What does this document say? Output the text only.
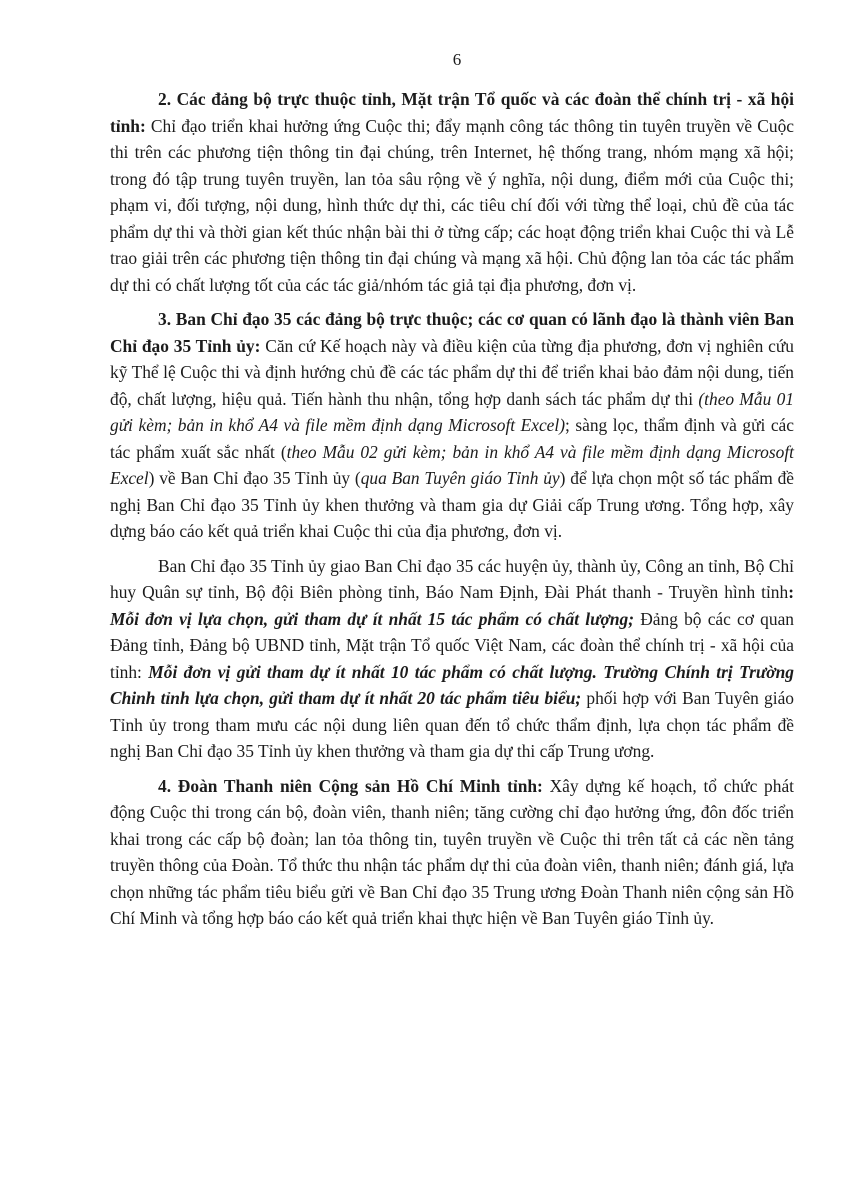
6

2. Các đảng bộ trực thuộc tỉnh, Mặt trận Tổ quốc và các đoàn thể chính trị - xã hội tỉnh: Chỉ đạo triển khai hưởng ứng Cuộc thi; đẩy mạnh công tác thông tin tuyên truyền về Cuộc thi trên các phương tiện thông tin đại chúng, trên Internet, hệ thống trang, nhóm mạng xã hội; trong đó tập trung tuyên truyền, lan tỏa sâu rộng về ý nghĩa, nội dung, điểm mới của Cuộc thi; phạm vi, đối tượng, nội dung, hình thức dự thi, các tiêu chí đối với từng thể loại, chủ đề của tác phẩm dự thi và thời gian kết thúc nhận bài thi ở từng cấp; các hoạt động triển khai Cuộc thi và Lễ trao giải trên các phương tiện thông tin đại chúng và mạng xã hội. Chủ động lan tỏa các tác phẩm dự thi có chất lượng tốt của các tác giả/nhóm tác giả tại địa phương, đơn vị.

3. Ban Chỉ đạo 35 các đảng bộ trực thuộc; các cơ quan có lãnh đạo là thành viên Ban Chỉ đạo 35 Tỉnh ủy: Căn cứ Kế hoạch này và điều kiện của từng địa phương, đơn vị nghiên cứu kỹ Thể lệ Cuộc thi và định hướng chủ đề các tác phẩm dự thi để triển khai bảo đảm nội dung, tiến độ, chất lượng, hiệu quả. Tiến hành thu nhận, tổng hợp danh sách tác phẩm dự thi (theo Mẫu 01 gửi kèm; bản in khổ A4 và file mềm định dạng Microsoft Excel); sàng lọc, thẩm định và gửi các tác phẩm xuất sắc nhất (theo Mẫu 02 gửi kèm; bản in khổ A4 và file mềm định dạng Microsoft Excel) về Ban Chỉ đạo 35 Tỉnh ủy (qua Ban Tuyên giáo Tỉnh ủy) để lựa chọn một số tác phẩm đề nghị Ban Chỉ đạo 35 Tỉnh ủy khen thưởng và tham gia dự Giải cấp Trung ương. Tổng hợp, xây dựng báo cáo kết quả triển khai Cuộc thi của địa phương, đơn vị.

Ban Chỉ đạo 35 Tỉnh ủy giao Ban Chỉ đạo 35 các huyện ủy, thành ủy, Công an tỉnh, Bộ Chỉ huy Quân sự tỉnh, Bộ đội Biên phòng tỉnh, Báo Nam Định, Đài Phát thanh - Truyền hình tỉnh: Mỗi đơn vị lựa chọn, gửi tham dự ít nhất 15 tác phẩm có chất lượng; Đảng bộ các cơ quan Đảng tỉnh, Đảng bộ UBND tỉnh, Mặt trận Tổ quốc Việt Nam, các đoàn thể chính trị - xã hội của tỉnh: Mỗi đơn vị gửi tham dự ít nhất 10 tác phẩm có chất lượng. Trường Chính trị Trường Chinh tỉnh lựa chọn, gửi tham dự ít nhất 20 tác phẩm tiêu biểu; phối hợp với Ban Tuyên giáo Tỉnh ủy trong tham mưu các nội dung liên quan đến tổ chức thẩm định, lựa chọn tác phẩm đề nghị Ban Chỉ đạo 35 Tỉnh ủy khen thưởng và tham gia dự thi cấp Trung ương.

4. Đoàn Thanh niên Cộng sản Hồ Chí Minh tỉnh: Xây dựng kế hoạch, tổ chức phát động Cuộc thi trong cán bộ, đoàn viên, thanh niên; tăng cường chỉ đạo hưởng ứng, đôn đốc triển khai trong các cấp bộ đoàn; lan tỏa thông tin, tuyên truyền về Cuộc thi trên tất cả các nền tảng truyền thông của Đoàn. Tổ thức thu nhận tác phẩm dự thi của đoàn viên, thanh niên; đánh giá, lựa chọn những tác phẩm tiêu biểu gửi về Ban Chỉ đạo 35 Trung ương Đoàn Thanh niên cộng sản Hồ Chí Minh và tổng hợp báo cáo kết quả triển khai thực hiện về Ban Tuyên giáo Tỉnh ủy.
